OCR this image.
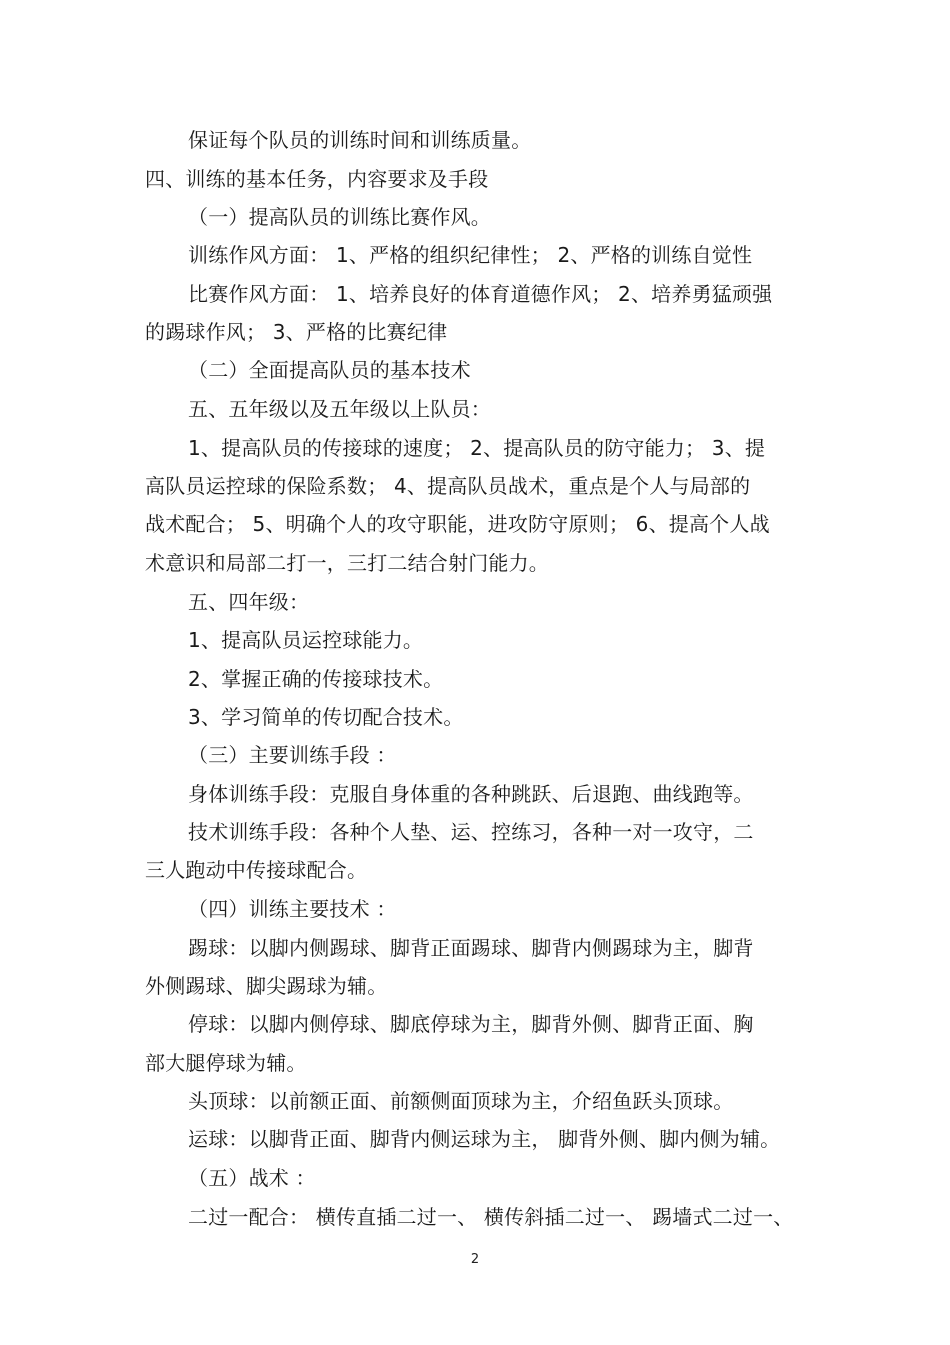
保证每个队员的训练时间和训练质量。
四、训练的基本任务，内容要求及手段
（一）提高队员的训练比赛作风。
训练作风方面： 1、严格的组织纪律性； 2、严格的训练自觉性
比赛作风方面： 1、培养良好的体育道德作风； 2、培养勇猛顽强
的踢球作风； 3、严格的比赛纪律
（二）全面提高队员的基本技术
五、五年级以及五年级以上队员：
1、提高队员的传接球的速度； 2、提高队员的防守能力； 3、提
高队员运控球的保险系数； 4、提高队员战术，重点是个人与局部的
战术配合； 5、明确个人的攻守职能，进攻防守原则； 6、提高个人战
术意识和局部二打一，三打二结合射门能力。
五、四年级：
1、提高队员运控球能力。
2、掌握正确的传接球技术。
3、学习简单的传切配合技术。
（三）主要训练手段 ：
身体训练手段：克服自身体重的各种跳跃、后退跑、曲线跑等。
技术训练手段：各种个人垫、运、控练习，各种一对一攻守，二
三人跑动中传接球配合。
（四）训练主要技术 ：
踢球：以脚内侧踢球、脚背正面踢球、脚背内侧踢球为主，脚背
外侧踢球、脚尖踢球为辅。
停球：以脚内侧停球、脚底停球为主，脚背外侧、脚背正面、胸
部大腿停球为辅。
头顶球：以前额正面、前额侧面顶球为主，介绍鱼跃头顶球。
运球：以脚背正面、脚背内侧运球为主， 脚背外侧、脚内侧为辅。
（五）战术 ：
二过一配合： 横传直插二过一、 横传斜插二过一、 踢墙式二过一、
2
